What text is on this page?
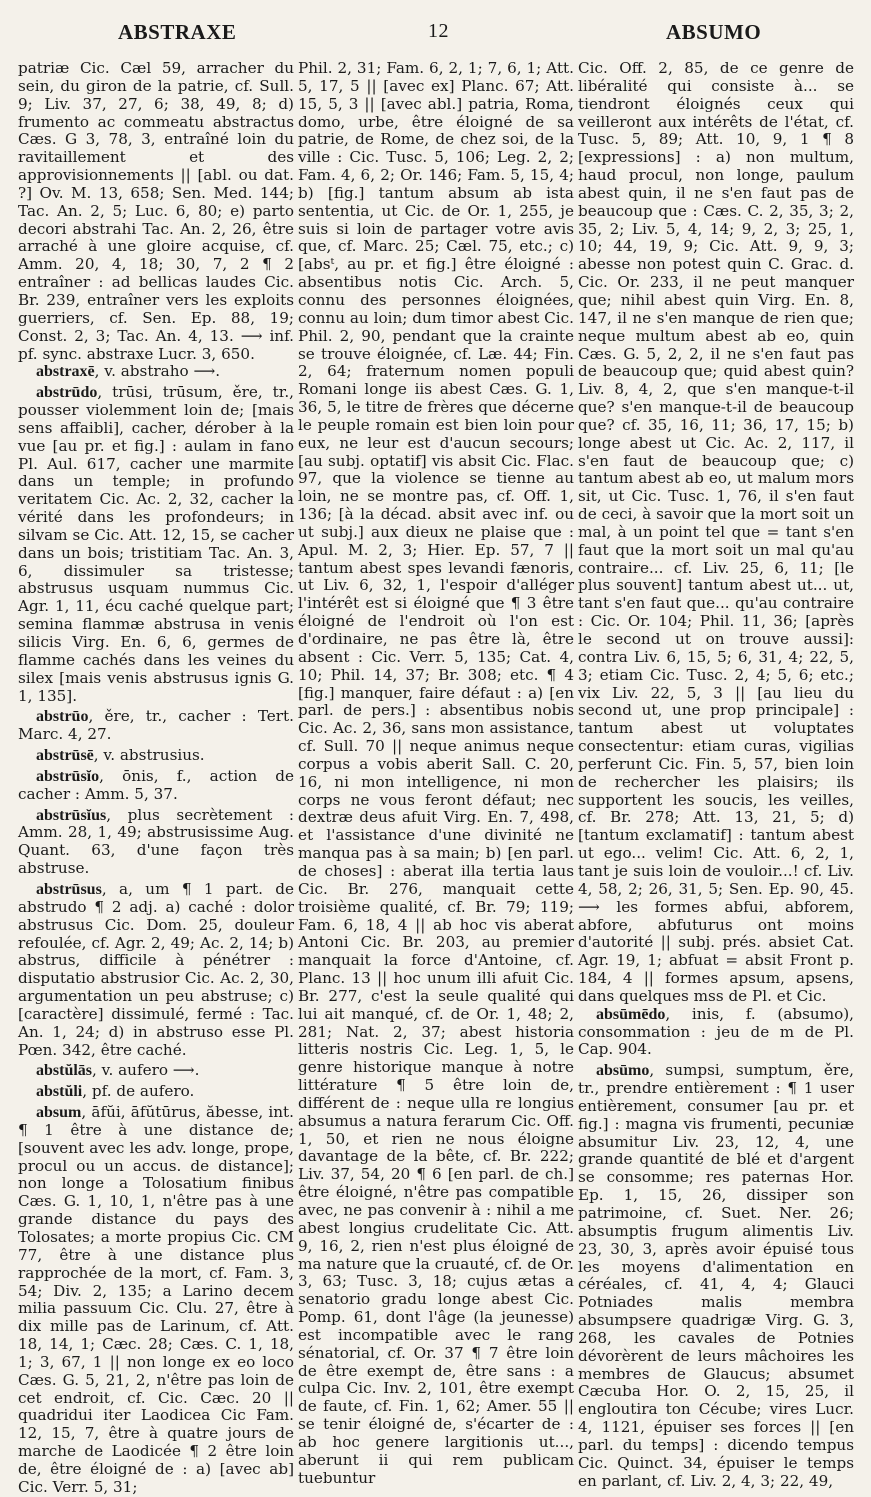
ABSTRAXE	12	ABSUMO

patriæ Cic. Cæl 59, arracher du sein, du giron de la patrie, cf. Sull. 9; Liv. 37, 27, 6; 38, 49, 8; d) frumento ac commeatu abstractus Cæs. G 3, 78, 3, entraîné loin du ravitaillement et des approvisionnements || [abl. ou dat. ?] Ov. M. 13, 658; Sen. Med. 144; Tac. An. 2, 5; Luc. 6, 80; e) parto decori abstrahi Tac. An. 2, 26, être arraché à une gloire acquise, cf. Amm. 20, 4, 18; 30, 7, 2 ¶ 2 entraîner : ad bellicas laudes Cic. Br. 239, entraîner vers les exploits guerriers, cf. Sen. Ep. 88, 19; Const. 2, 3; Tac. An. 4, 13. ⟶ inf. pf. sync. abstraxe Lucr. 3, 650.

abstraxē, v. abstraho ⟶.

abstrūdo, trūsi, trūsum, ěre, tr., pousser violemment loin de; [mais sens affaibli], cacher, dérober à la vue [au pr. et fig.] : aulam in fano Pl. Aul. 617, cacher une marmite dans un temple; in profundo veritatem Cic. Ac. 2, 32, cacher la vérité dans les profondeurs; in silvam se Cic. Att. 12, 15, se cacher dans un bois; tristitiam Tac. An. 3, 6, dissimuler sa tristesse; abstrusus usquam nummus Cic. Agr. 1, 11, écu caché quelque part; semina flammæ abstrusa in venis silicis Virg. En. 6, 6, germes de flamme cachés dans les veines du silex [mais venis abstrusus ignis G. 1, 135].

abstrūo, ěre, tr., cacher : Tert. Marc. 4, 27.

abstrūsē, v. abstrusius.

abstrūsĭo, ōnis, f., action de cacher : Amm. 5, 37.

abstrūsĭus, plus secrètement : Amm. 28, 1, 49; abstrusissime Aug. Quant. 63, d'une façon très abstruse.

abstrūsus, a, um ¶ 1 part. de abstrudo ¶ 2 adj. a) caché : dolor abstrusus Cic. Dom. 25, douleur refoulée, cf. Agr. 2, 49; Ac. 2, 14; b) abstrus, difficile à pénétrer : disputatio abstrusior Cic. Ac. 2, 30, argumentation un peu abstruse; c) [caractère] dissimulé, fermé : Tac. An. 1, 24; d) in abstruso esse Pl. Pœn. 342, être caché.

abstŭlās, v. aufero ⟶.

abstŭli, pf. de aufero.

absum, āfŭi, āfŭtūrus, ăbesse, int. ¶ 1 être à une distance de; [souvent avec les adv. longe, prope, procul ou un accus. de distance]; non longe a Tolosatium finibus Cæs. G. 1, 10, 1, n'être pas à une grande distance du pays des Tolosates; a morte propius Cic. CM 77, être à une distance plus rapprochée de la mort, cf. Fam. 3, 54; Div. 2, 135; a Larino decem milia passuum Cic. Clu. 27, être à dix mille pas de Larinum, cf. Att. 18, 14, 1; Cæc. 28; Cæs. C. 1, 18, 1; 3, 67, 1 || non longe ex eo loco Cæs. G. 5, 21, 2, n'être pas loin de cet endroit, cf. Cic. Cæc. 20 || quadridui iter Laodicea Cic Fam. 12, 15, 7, être à quatre jours de marche de Laodicée ¶ 2 être loin de, être éloigné de : a) [avec ab] Cic. Verr. 5, 31;

Phil. 2, 31; Fam. 6, 2, 1; 7, 6, 1; Att. 5, 17, 5 || [avec ex] Planc. 67; Att. 15, 5, 3 || [avec abl.] patria, Roma, domo, urbe, être éloigné de sa patrie, de Rome, de chez soi, de la ville : Cic. Tusc. 5, 106; Leg. 2, 2; Fam. 4, 6, 2; Or. 146; Fam. 5, 15, 4; b) [fig.] tantum absum ab ista sententia, ut Cic. de Or. 1, 255, je suis si loin de partager votre avis que, cf. Marc. 25; Cæl. 75, etc.; c) [absᵗ, au pr. et fig.] être éloigné : absentibus notis Cic. Arch. 5, connu des personnes éloignées, connu au loin; dum timor abest Cic. Phil. 2, 90, pendant que la crainte se trouve éloignée, cf. Læ. 44; Fin. 2, 64; fraternum nomen populi Romani longe iis abest Cæs. G. 1, 36, 5, le titre de frères que décerne le peuple romain est bien loin pour eux, ne leur est d'aucun secours; [au subj. optatif] vis absit Cic. Flac. 97, que la violence se tienne au loin, ne se montre pas, cf. Off. 1, 136; [à la décad. absit avec inf. ou ut subj.] aux dieux ne plaise que : Apul. M. 2, 3; Hier. Ep. 57, 7 || tantum abest spes levandi fænoris, ut Liv. 6, 32, 1, l'espoir d'alléger l'intérêt est si éloigné que ¶ 3 être éloigné de l'endroit où l'on est d'ordinaire, ne pas être là, être absent : Cic. Verr. 5, 135; Cat. 4, 10; Phil. 14, 37; Br. 308; etc. ¶ 4 [fig.] manquer, faire défaut : a) [en parl. de pers.] : absentibus nobis Cic. Ac. 2, 36, sans mon assistance, cf. Sull. 70 || neque animus neque corpus a vobis aberit Sall. C. 20, 16, ni mon intelligence, ni mon corps ne vous feront défaut; nec dextræ deus afuit Virg. En. 7, 498, et l'assistance d'une divinité ne manqua pas à sa main; b) [en parl. de choses] : aberat illa tertia laus Cic. Br. 276, manquait cette troisième qualité, cf. Br. 79; 119; Fam. 6, 18, 4 || ab hoc vis aberat Antoni Cic. Br. 203, au premier manquait la force d'Antoine, cf. Planc. 13 || hoc unum illi afuit Cic. Br. 277, c'est la seule qualité qui lui ait manqué, cf. de Or. 1, 48; 2, 281; Nat. 2, 37; abest historia litteris nostris Cic. Leg. 1, 5, le genre historique manque à notre littérature ¶ 5 être loin de, différent de : neque ulla re longius absumus a natura ferarum Cic. Off. 1, 50, et rien ne nous éloigne davantage de la bête, cf. Br. 222; Liv. 37, 54, 20 ¶ 6 [en parl. de ch.] être éloigné, n'être pas compatible avec, ne pas convenir à : nihil a me abest longius crudelitate Cic. Att. 9, 16, 2, rien n'est plus éloigné de ma nature que la cruauté, cf. de Or. 3, 63; Tusc. 3, 18; cujus ætas a senatorio gradu longe abest Cic. Pomp. 61, dont l'âge (la jeunesse) est incompatible avec le rang sénatorial, cf. Or. 37 ¶ 7 être loin de être exempt de, être sans : a culpa Cic. Inv. 2, 101, être exempt de faute, cf. Fin. 1, 62; Amer. 55 || se tenir éloigné de, s'écarter de : ab hoc genere largitionis ut..., aberunt ii qui rem publicam tuebuntur

Cic. Off. 2, 85, de ce genre de libéralité qui consiste à... se tiendront éloignés ceux qui veilleront aux intérêts de l'état, cf. Tusc. 5, 89; Att. 10, 9, 1 ¶ 8 [expressions] : a) non multum, haud procul, non longe, paulum abest quin, il ne s'en faut pas de beaucoup que : Cæs. C. 2, 35, 3; 2, 35, 2; Liv. 5, 4, 14; 9, 2, 3; 25, 1, 10; 44, 19, 9; Cic. Att. 9, 9, 3; abesse non potest quin C. Grac. d. Cic. Or. 233, il ne peut manquer que; nihil abest quin Virg. En. 8, 147, il ne s'en manque de rien que; neque multum abest ab eo, quin Cæs. G. 5, 2, 2, il ne s'en faut pas de beaucoup que; quid abest quin? Liv. 8, 4, 2, que s'en manque-t-il que? s'en manque-t-il de beaucoup que? cf. 35, 16, 11; 36, 17, 15; b) longe abest ut Cic. Ac. 2, 117, il s'en faut de beaucoup que; c) tantum abest ab eo, ut malum mors sit, ut Cic. Tusc. 1, 76, il s'en faut de ceci, à savoir que la mort soit un mal, à un point tel que = tant s'en faut que la mort soit un mal qu'au contraire... cf. Liv. 25, 6, 11; [le plus souvent] tantum abest ut... ut, tant s'en faut que... qu'au contraire : Cic. Or. 104; Phil. 11, 36; [après le second ut on trouve aussi]: contra Liv. 6, 15, 5; 6, 31, 4; 22, 5, 3; etiam Cic. Tusc. 2, 4; 5, 6; etc.; vix Liv. 22, 5, 3 || [au lieu du second ut, une prop principale] : tantum abest ut voluptates consectentur: etiam curas, vigilias perferunt Cic. Fin. 5, 57, bien loin de rechercher les plaisirs; ils supportent les soucis, les veilles, cf. Br. 278; Att. 13, 21, 5; d) [tantum exclamatif] : tantum abest ut ego... velim! Cic. Att. 6, 2, 1, tant je suis loin de vouloir...! cf. Liv. 4, 58, 2; 26, 31, 5; Sen. Ep. 90, 45. ⟶ les formes abfui, abforem, abfore, abfuturus ont moins d'autorité || subj. prés. absiet Cat. Agr. 19, 1; abfuat = absit Front p. 184, 4 || formes apsum, apsens, dans quelques mss de Pl. et Cic.

absūmēdo, inis, f. (absumo), consommation : jeu de m de Pl. Cap. 904.

absūmo, sumpsi, sumptum, ěre, tr., prendre entièrement : ¶ 1 user entièrement, consumer [au pr. et fig.] : magna vis frumenti, pecuniæ absumitur Liv. 23, 12, 4, une grande quantité de blé et d'argent se consomme; res paternas Hor. Ep. 1, 15, 26, dissiper son patrimoine, cf. Suet. Ner. 26; absumptis frugum alimentis Liv. 23, 30, 3, après avoir épuisé tous les moyens d'alimentation en céréales, cf. 41, 4, 4; Glauci Potniades malis membra absumpsere quadrigæ Virg. G. 3, 268, les cavales de Potnies dévorèrent de leurs mâchoires les membres de Glaucus; absumet Cæcuba Hor. O. 2, 15, 25, il engloutira ton Cécube; vires Lucr. 4, 1121, épuiser ses forces || [en parl. du temps] : dicendo tempus Cic. Quinct. 34, épuiser le temps en parlant, cf. Liv. 2, 4, 3; 22, 49,
